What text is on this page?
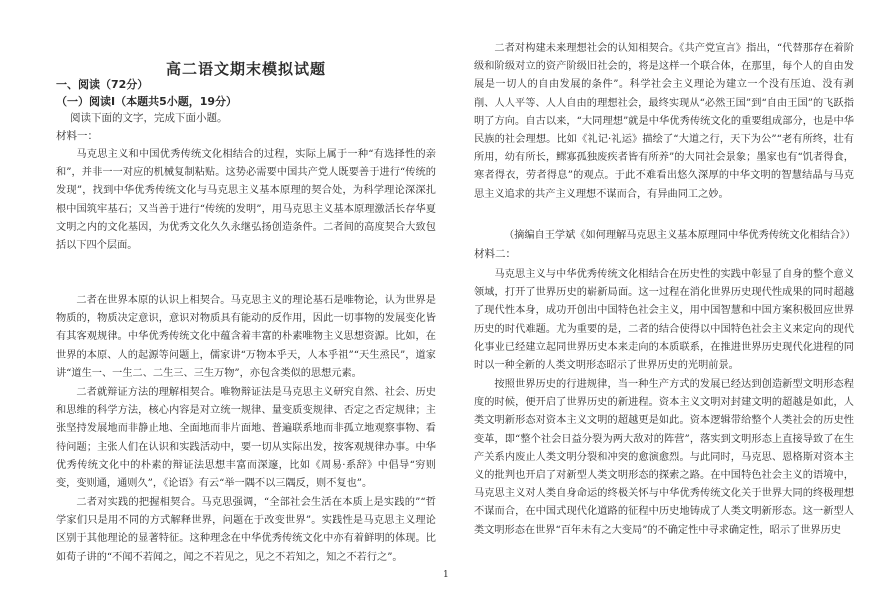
高二语文期末模拟试题
一、阅读（72分）
（一）阅读Ⅰ（本题共5小题，19分）
阅读下面的文字，完成下面小题。
材料一：

马克思主义和中国优秀传统文化相结合的过程，实际上属于一种“有选择性的亲和”，并非一一对应的机械复制粘贴。这势必需要中国共产党人既要善于进行“传统的发现”，找到中华优秀传统文化与马克思主义基本原理的契合处，为科学理论深深扎根中国筑牢基石；又当善于进行“传统的发明”，用马克思主义基本原理激活长存华夏文明之内的文化基因，为优秀文化久久永继弘扬创造条件。二者间的高度契合大致包括以下四个层面。

二者在世界本原的认识上相契合。马克思主义的理论基石是唯物论，认为世界是物质的，物质决定意识，意识对物质具有能动的反作用，因此一切事物的发展变化皆有其客观规律。中华优秀传统文化中蕴含着丰富的朴素唯物主义思想资源。比如，在世界的本原、人的起源等问题上，儒家讲“万物本乎天，人本乎祖”“天生烝民”，道家讲“道生一、一生二、二生三、三生万物”，亦包含类似的思想元素。

二者就辩证方法的理解相契合。唯物辩证法是马克思主义研究自然、社会、历史和思维的科学方法，核心内容是对立统一规律、量变质变规律、否定之否定规律；主张坚持发展地而非静止地、全面地而非片面地、普遍联系地而非孤立地观察事物、看待问题；主张人们在认识和实践活动中，要一切从实际出发，按客观规律办事。中华优秀传统文化中的朴素的辩证法思想丰富而深邃，比如《周易·系辞》中倡导“穷则变，变则通，通则久”，《论语》有云“举一隅不以三隅反，则不复也”。

二者对实践的把握相契合。马克思强调，“全部社会生活在本质上是实践的”“哲学家们只是用不同的方式解释世界，问题在于改变世界”。实践性是马克思主义理论区别于其他理论的显著特征。这种理念在中华优秀传统文化中亦有着鲜明的体现。比如荀子讲的“不闻不若闻之，闻之不若见之，见之不若知之，知之不若行之”。

二者对构建未来理想社会的认知相契合。《共产党宣言》指出，“代替那存在着阶级和阶级对立的资产阶级旧社会的，将是这样一个联合体，在那里，每个人的自由发展是一切人的自由发展的条件”。科学社会主义理论为建立一个没有压迫、没有剥削、人人平等、人人自由的理想社会，最终实现从“必然王国”到“自由王国”的飞跃指明了方向。自古以来，“大同理想”就是中华优秀传统文化的重要组成部分，也是中华民族的社会理想。比如《礼记·礼运》描绘了“大道之行，天下为公”“老有所终，壮有所用，幼有所长，鳏寡孤独废疾者皆有所养”的大同社会景象；墨家也有“饥者得食，寒者得衣，劳者得息”的观点。于此不难看出悠久深厚的中华文明的智慧结晶与马克思主义追求的共产主义理想不谋而合，有异曲同工之妙。

（摘编自王学斌《如何理解马克思主义基本原理同中华优秀传统文化相结合》）
材料二：

马克思主义与中华优秀传统文化相结合在历史性的实践中彰显了自身的整个意义领域，打开了世界历史的崭新局面。这一过程在消化世界历史现代性成果的同时超越了现代性本身，成功开创出中国特色社会主义，用中国智慧和中国方案积极回应世界历史的时代难题。尤为重要的是，二者的结合使得以中国特色社会主义来定向的现代化事业已经建立起同世界历史本来走向的本质联系，在推进世界历史现代化进程的同时以一种全新的人类文明形态昭示了世界历史的光明前景。

按照世界历史的行进规律，当一种生产方式的发展已经达到创造新型文明形态程度的时候，便开启了世界历史的新进程。资本主义文明对封建文明的超越是如此，人类文明新形态对资本主义文明的超越更是如此。资本逻辑带给整个人类社会的历史性变革，即“整个社会日益分裂为两大敌对的阵营”，落实到文明形态上直接导致了在生产关系内废止人类文明分裂和冲突的愈演愈烈。与此同时，马克思、恩格斯对资本主义的批判也开启了对新型人类文明形态的探索之路。在中国特色社会主义的语境中，马克思主义对人类自身命运的终极关怀与中华优秀传统文化关于世界大同的终极理想不谋而合，在中国式现代化道路的征程中历史地铸成了人类文明新形态。这一新型人类文明形态在世界“百年未有之大变局”的不确定性中寻求确定性，昭示了世界历史

1
